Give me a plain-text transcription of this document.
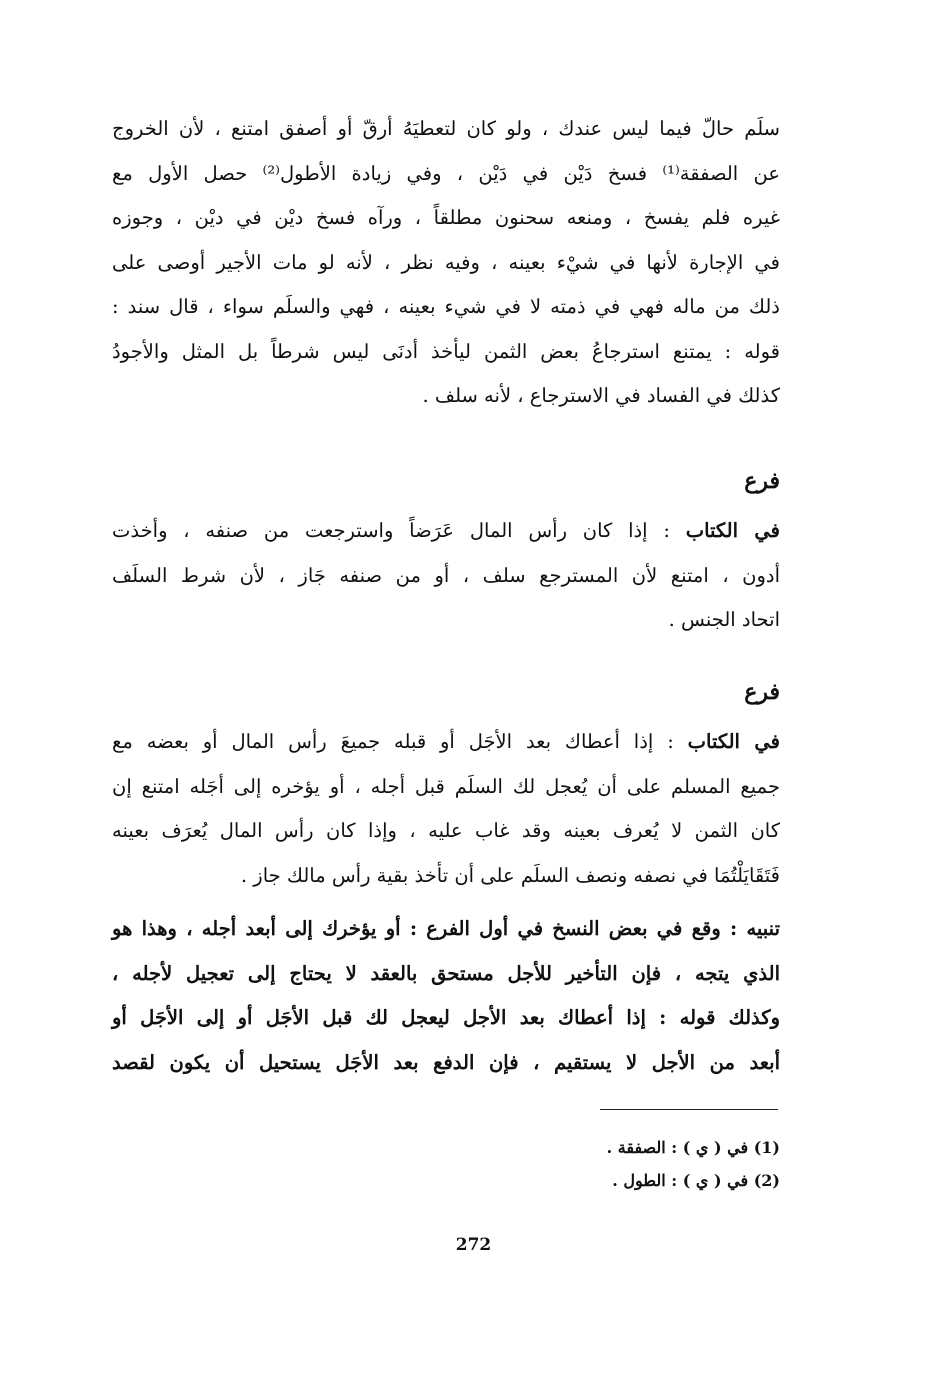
سلَم حالّ فيما ليس عندك ، ولو كان لتعطيَهُ أرقّ أو أصفق امتنع ، لأن الخروج
عن الصفقة⁽¹⁾ فسخ دَيْن في دَيْن ، وفي زيادة الأطول⁽²⁾ حصل الأول مع
غيره فلم يفسخ ، ومنعه سحنون مطلقاً ، ورآه فسخ ديْن في ديْن ، وجوزه
في الإجارة لأنها في شيْء بعينه ، وفيه نظر ، لأنه لو مات الأجير أوصى على
ذلك من ماله فهي في ذمته لا في شيء بعينه ، فهي والسلَم سواء ، قال سند :
قوله : يمتنع استرجاعُ بعض الثمن ليأخذ أدنَى ليس شرطاً بل المثل والأجودُ
كذلك في الفساد في الاسترجاع ، لأنه سلف .
فرع
في الكتاب : إذا كان رأس المال عَرَضاً واسترجعت من صنفه ، وأخذت
أدون ، امتنع لأن المسترجع سلف ، أو من صنفه جَاز ، لأن شرط السلَف
اتحاد الجنس .
فرع
في الكتاب : إذا أعطاك بعد الأجَل أو قبله جميعَ رأس المال أو بعضه مع
جميع المسلم على أن يُعجل لك السلَم قبل أجله ، أو يؤخره إلى أجَله امتنع إن
كان الثمن لا يُعرف بعينه وقد غاب عليه ، وإذا كان رأس المال يُعرَف بعينه
فَتَقَايَلْتُمَا في نصفه ونصف السلَم على أن تأخذ بقية رأس مالك جاز .
تنبيه : وقع في بعض النسخ في أول الفرع : أو يؤخرك إلى أبعد أجله ، وهذا هو
الذي يتجه ، فإن التأخير للأجل مستحق بالعقد لا يحتاج إلى تعجيل لأجله ،
وكذلك قوله : إذا أعطاك بعد الأجل ليعجل لك قبل الأجَل أو إلى الأجَل أو
أبعد من الأجل لا يستقيم ، فإن الدفع بعد الأجَل يستحيل أن يكون لقصد
(1) في ( ي ) : الصفقة .
(2) في ( ي ) : الطول .
272
